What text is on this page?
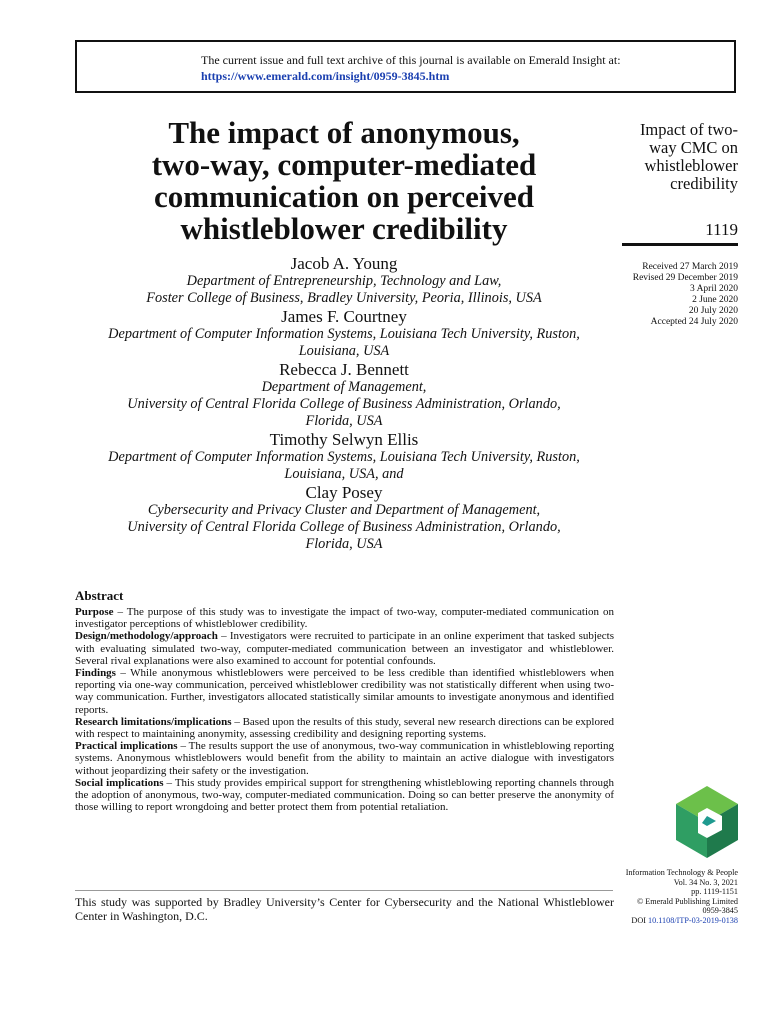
The current issue and full text archive of this journal is available on Emerald Insight at:
https://www.emerald.com/insight/0959-3845.htm
The impact of anonymous,
two-way, computer-mediated
communication on perceived
whistleblower credibility
Impact of two-
way CMC on
whistleblower
credibility
1119
Received 27 March 2019
Revised 29 December 2019
3 April 2020
2 June 2020
20 July 2020
Accepted 24 July 2020
Jacob A. Young
Department of Entrepreneurship, Technology and Law,
Foster College of Business, Bradley University, Peoria, Illinois, USA
James F. Courtney
Department of Computer Information Systems, Louisiana Tech University, Ruston,
Louisiana, USA
Rebecca J. Bennett
Department of Management,
University of Central Florida College of Business Administration, Orlando,
Florida, USA
Timothy Selwyn Ellis
Department of Computer Information Systems, Louisiana Tech University, Ruston,
Louisiana, USA, and
Clay Posey
Cybersecurity and Privacy Cluster and Department of Management,
University of Central Florida College of Business Administration, Orlando,
Florida, USA
Abstract

Purpose – The purpose of this study was to investigate the impact of two-way, computer-mediated communication on investigator perceptions of whistleblower credibility.

Design/methodology/approach – Investigators were recruited to participate in an online experiment that tasked subjects with evaluating simulated two-way, computer-mediated communication between an investigator and whistleblower. Several rival explanations were also examined to account for potential confounds.

Findings – While anonymous whistleblowers were perceived to be less credible than identified whistleblowers when reporting via one-way communication, perceived whistleblower credibility was not statistically different when using two-way communication. Further, investigators allocated statistically similar amounts to investigate anonymous and identified reports.

Research limitations/implications – Based upon the results of this study, several new research directions can be explored with respect to maintaining anonymity, assessing credibility and designing reporting systems.

Practical implications – The results support the use of anonymous, two-way communication in whistleblowing reporting systems. Anonymous whistleblowers would benefit from the ability to maintain an active dialogue with investigators without jeopardizing their safety or the investigation.

Social implications – This study provides empirical support for strengthening whistleblowing reporting channels through the adoption of anonymous, two-way, computer-mediated communication. Doing so can better preserve the anonymity of those willing to report wrongdoing and better protect them from potential retaliation.

Information Technology & People
Vol. 34 No. 3, 2021
pp. 1119-1151
© Emerald Publishing Limited
0959-3845
DOI 10.1108/ITP-03-2019-0138
This study was supported by Bradley University’s Center for Cybersecurity and the National Whistleblower Center in Washington, D.C.
